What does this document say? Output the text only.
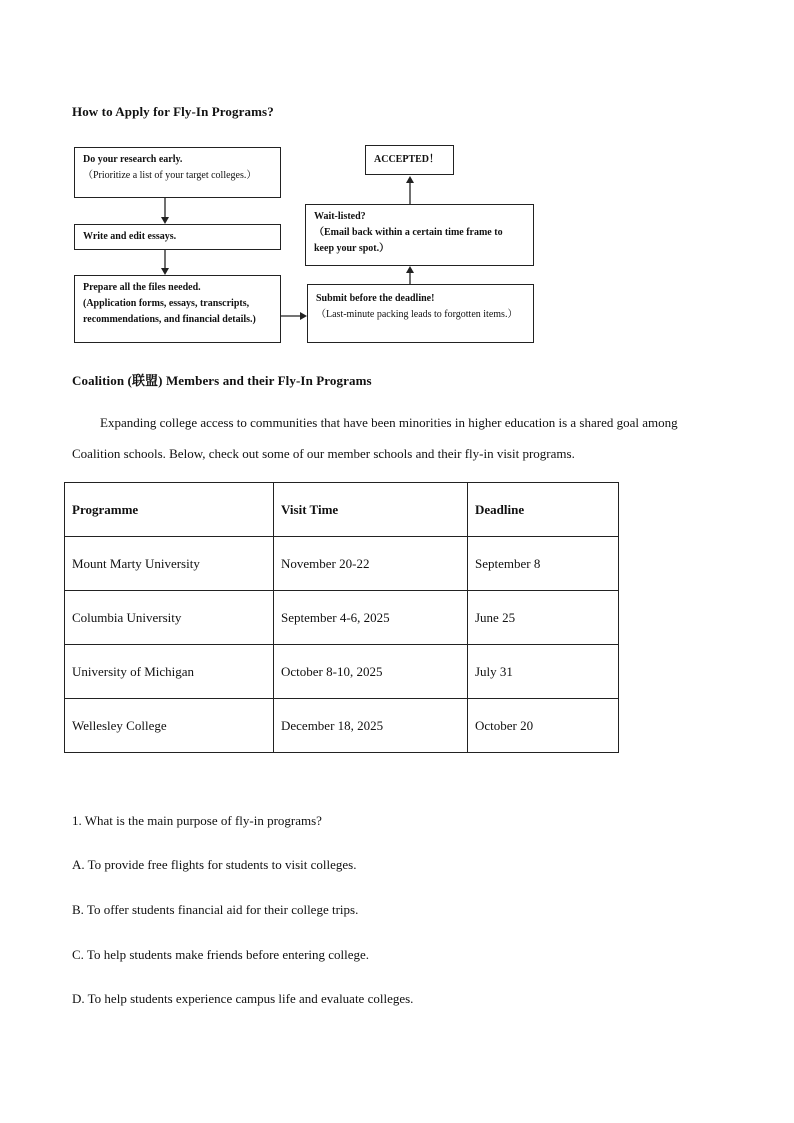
How to Apply for Fly-In Programs?
Do your research early.
（Prioritize a list of your target colleges.）
Write and edit essays.
Prepare all the files needed.
(Application forms, essays, transcripts, recommendations, and financial details.)
Submit before the deadline!
（Last-minute packing leads to forgotten items.）
Wait-listed?
（Email back within a certain time frame to keep your spot.）
ACCEPTED！
Coalition (联盟) Members and their Fly-In Programs
Expanding college access to communities that have been minorities in higher education is a shared goal among Coalition schools. Below, check out some of our member schools and their fly-in visit programs.
Programme	Visit Time	Deadline
Mount Marty University	November 20-22	September 8
Columbia University	September 4-6, 2025	June 25
University of Michigan	October 8-10, 2025	July 31
Wellesley College	December 18, 2025	October 20
1. What is the main purpose of fly-in programs?
A. To provide free flights for students to visit colleges.
B. To offer students financial aid for their college trips.
C. To help students make friends before entering college.
D. To help students experience campus life and evaluate colleges.
